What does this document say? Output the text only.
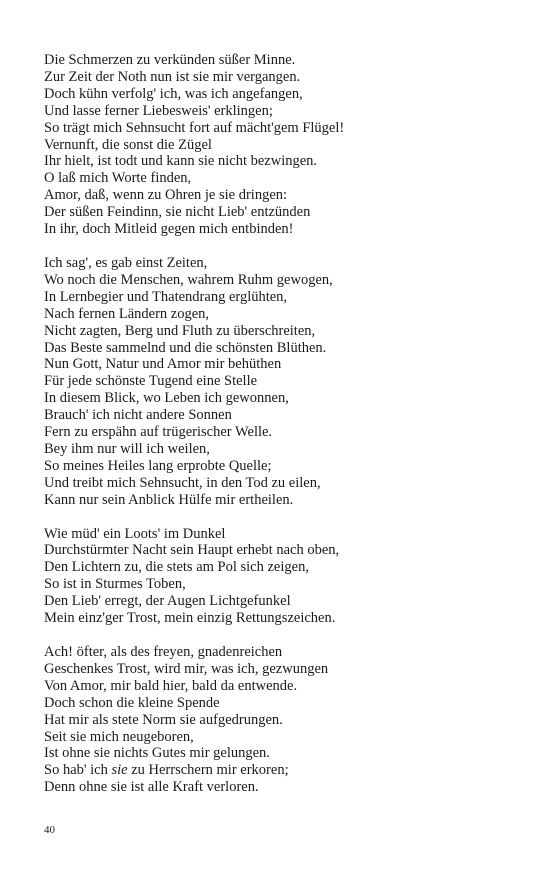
Die Schmerzen zu verkünden süßer Minne.
Zur Zeit der Noth nun ist sie mir vergangen.
Doch kühn verfolg' ich, was ich angefangen,
Und lasse ferner Liebesweis' erklingen;
So trägt mich Sehnsucht fort auf mächt'gem Flügel!
Vernunft, die sonst die Zügel
Ihr hielt, ist todt und kann sie nicht bezwingen.
O laß mich Worte finden,
Amor, daß, wenn zu Ohren je sie dringen:
Der süßen Feindinn, sie nicht Lieb' entzünden
In ihr, doch Mitleid gegen mich entbinden!
Ich sag', es gab einst Zeiten,
Wo noch die Menschen, wahrem Ruhm gewogen,
In Lernbegier und Thatendrang erglühten,
Nach fernen Ländern zogen,
Nicht zagten, Berg und Fluth zu überschreiten,
Das Beste sammelnd und die schönsten Blüthen.
Nun Gott, Natur und Amor mir behüthen
Für jede schönste Tugend eine Stelle
In diesem Blick, wo Leben ich gewonnen,
Brauch' ich nicht andere Sonnen
Fern zu erspähn auf trügerischer Welle.
Bey ihm nur will ich weilen,
So meines Heiles lang erprobte Quelle;
Und treibt mich Sehnsucht, in den Tod zu eilen,
Kann nur sein Anblick Hülfe mir ertheilen.
Wie müd' ein Loots' im Dunkel
Durchstürmter Nacht sein Haupt erhebt nach oben,
Den Lichtern zu, die stets am Pol sich zeigen,
So ist in Sturmes Toben,
Den Lieb' erregt, der Augen Lichtgefunkel
Mein einz'ger Trost, mein einzig Rettungszeichen.
Ach! öfter, als des freyen, gnadenreichen
Geschenkes Trost, wird mir, was ich, gezwungen
Von Amor, mir bald hier, bald da entwende.
Doch schon die kleine Spende
Hat mir als stete Norm sie aufgedrungen.
Seit sie mich neugeboren,
Ist ohne sie nichts Gutes mir gelungen.
So hab' ich sie zu Herrschern mir erkoren;
Denn ohne sie ist alle Kraft verloren.
40
